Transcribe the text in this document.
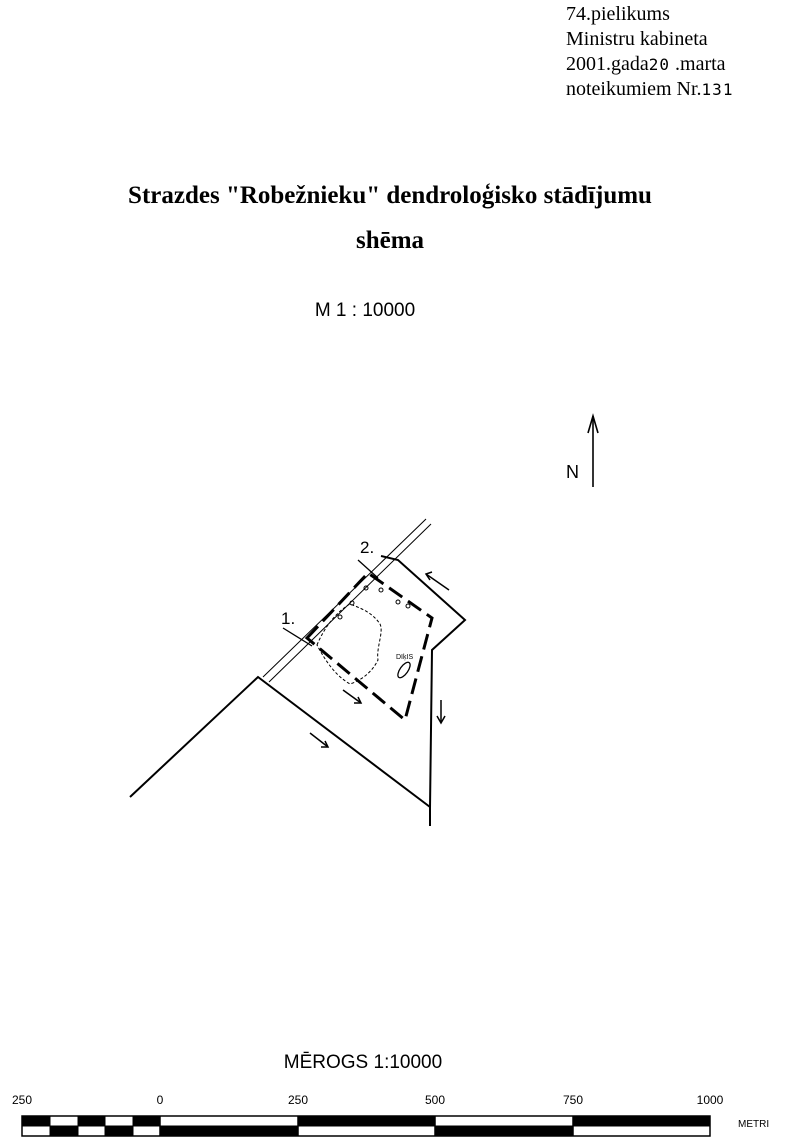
74.pielikums
Ministru kabineta
2001.gada20 .marta
noteikumiem Nr.131
Strazdes "Robežnieku" dendroloģisko stādījumu
shēma
M 1 : 10000
N
DIķIS
2.
1.
MĒROGS 1:10000
250	0	250	500	750	1000
METRI
